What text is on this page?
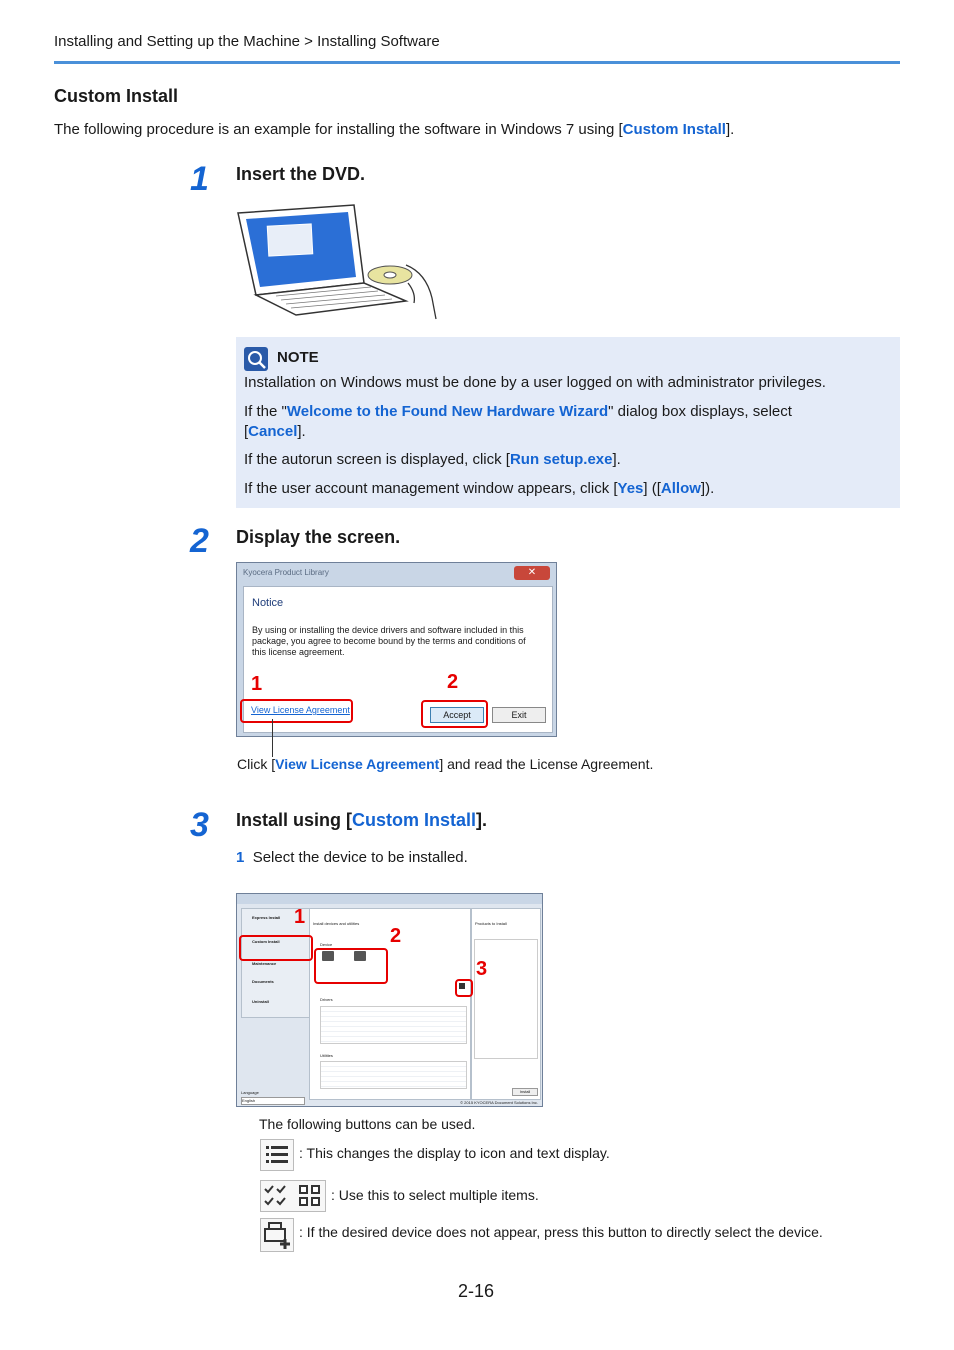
Installing and Setting up the Machine > Installing Software
Custom Install
The following procedure is an example for installing the software in Windows 7 using [Custom Install].
1 Insert the DVD.
NOTE

Installation on Windows must be done by a user logged on with administrator privileges.

If the "Welcome to the Found New Hardware Wizard" dialog box displays, select

[Cancel].

If the autorun screen is displayed, click [Run setup.exe].

If the user account management window appears, click [Yes] ([Allow]).

2 Display the screen.
Kyocera Product Library	✕
Notice
By using or installing the device drivers and software included in this package, you agree to become bound by the terms and conditions of this license agreement.
View License Agreement	Accept	Exit
1	2
Click [View License Agreement] and read the License Agreement.
3 Install using [Custom Install].
1 Select the device to be installed.
Express Install
Custom Install
Maintenance
Documents
Uninstall
Language
English
Install devices and utilities
Device
Drivers
Utilities
Products to Install
Install
© 2015 KYOCERA Document Solutions Inc.
1
2
3
The following buttons can be used.
: This changes the display to icon and text display.
: Use this to select multiple items.
: If the desired device does not appear, press this button to directly select the device.
2-16
